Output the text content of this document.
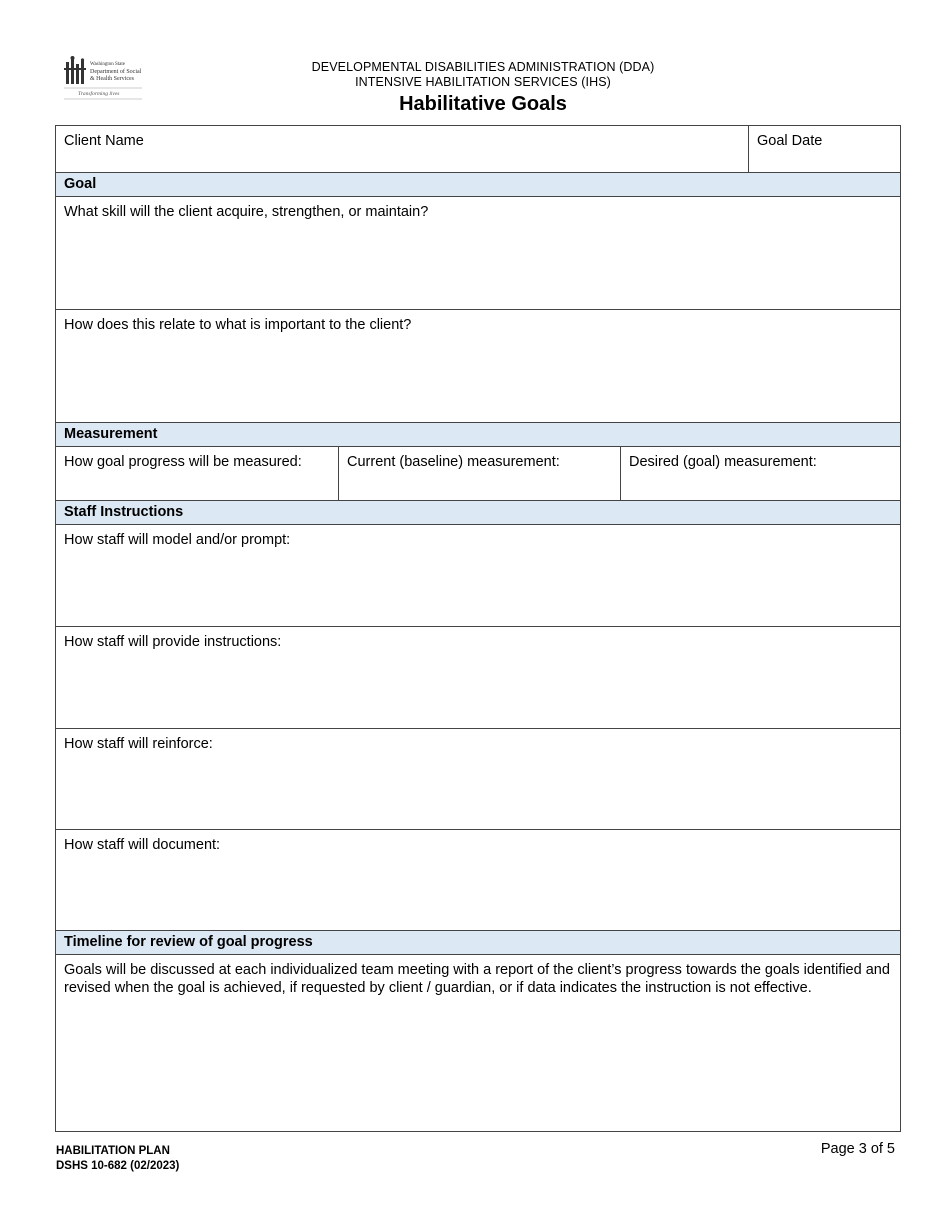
Washington State
Department of Social
& Health Services
Transforming lives
DEVELOPMENTAL DISABILITIES ADMINISTRATION (DDA)
INTENSIVE HABILITATION SERVICES (IHS)
Habilitative Goals
Client Name	Goal Date
Goal
What skill will the client acquire, strengthen, or maintain?
How does this relate to what is important to the client?
Measurement
How goal progress will be measured:	Current (baseline) measurement:	Desired (goal) measurement:
Staff Instructions
How staff will model and/or prompt:
How staff will provide instructions:
How staff will reinforce:
How staff will document:
Timeline for review of goal progress
Goals will be discussed at each individualized team meeting with a report of the client’s progress towards the goals identified and revised when the goal is achieved, if requested by client / guardian, or if data indicates the instruction is not effective.
HABILITATION PLAN
DSHS 10-682 (02/2023)
Page 3 of 5
